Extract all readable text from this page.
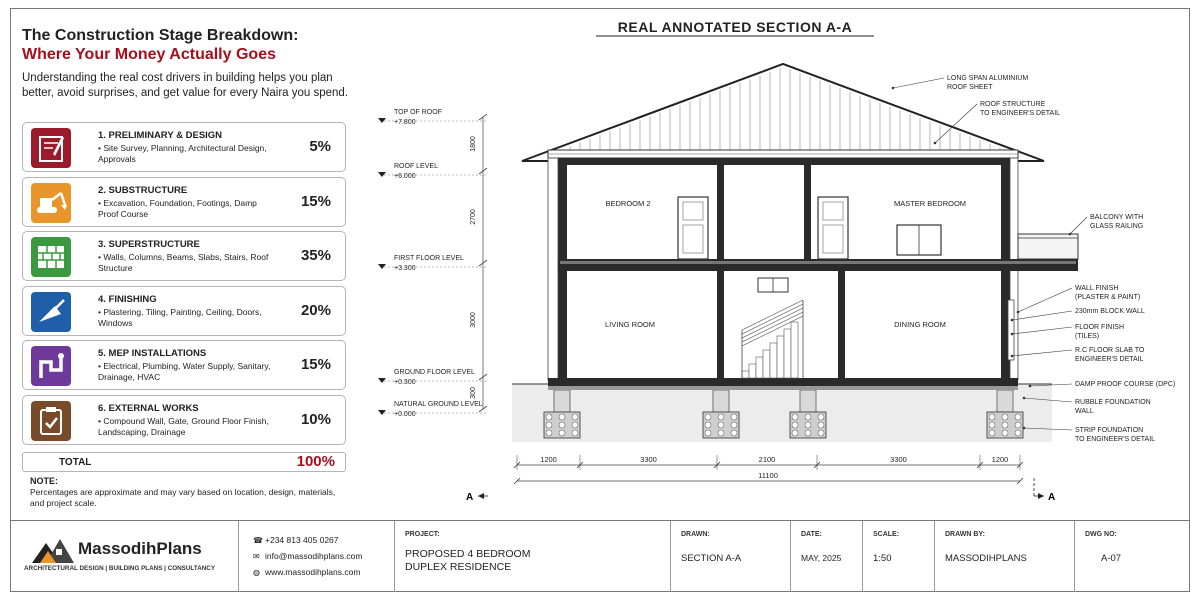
The Construction Stage Breakdown:
Where Your Money Actually Goes
Understanding the real cost drivers in building helps you plan better, avoid surprises, and get value for every Naira you spend.
1. PRELIMINARY & DESIGN
• Site Survey, Planning, Architectural Design, Approvals
5%
2. SUBSTRUCTURE
• Excavation, Foundation, Footings, Damp Proof Course
15%
3. SUPERSTRUCTURE
• Walls, Columns, Beams, Slabs, Stairs, Roof Structure
35%
4. FINISHING
• Plastering, Tiling, Painting, Ceiling, Doors, Windows
20%
5. MEP INSTALLATIONS
• Electrical, Plumbing, Water Supply, Sanitary, Drainage, HVAC
15%
6. EXTERNAL WORKS
• Compound Wall, Gate, Ground Floor Finish, Landscaping, Drainage
10%
TOTAL	100%
NOTE:
Percentages are approximate and may vary based on location, design, materials, and project scale.
REAL ANNOTATED SECTION A-A
BEDROOM 2	MASTER BEDROOM
LIVING ROOM	DINING ROOM
TOP OF ROOF
+7.800
ROOF LEVEL
+6.000
FIRST FLOOR LEVEL
+3.300
GROUND FLOOR LEVEL
+0.300
NATURAL GROUND LEVEL
+0.000
1800
2700
3000
300
LONG SPAN ALUMINIUM
ROOF SHEET
ROOF STRUCTURE
TO ENGINEER'S DETAIL
BALCONY WITH
GLASS RAILING
WALL FINISH
(PLASTER & PAINT)
230mm BLOCK WALL
FLOOR FINISH
(TILES)
R.C FLOOR SLAB TO
ENGINEER'S DETAIL
DAMP PROOF COURSE (DPC)
RUBBLE FOUNDATION
WALL
STRIP FOUNDATION
TO ENGINEER'S DETAIL
1200	3300	2100	3300	1200
11100
A	A
MassodihPlans
ARCHITECTURAL DESIGN | BUILDING PLANS | CONSULTANCY
☎ +234 813 405 0267
✉ info@massodihplans.com
◍ www.massodihplans.com
PROJECT:
PROPOSED 4 BEDROOM
DUPLEX RESIDENCE
DRAWN:
SECTION A-A
DATE:
MAY, 2025
SCALE:
1:50
DRAWN BY:
MASSODIHPLANS
DWG NO:
A-07
